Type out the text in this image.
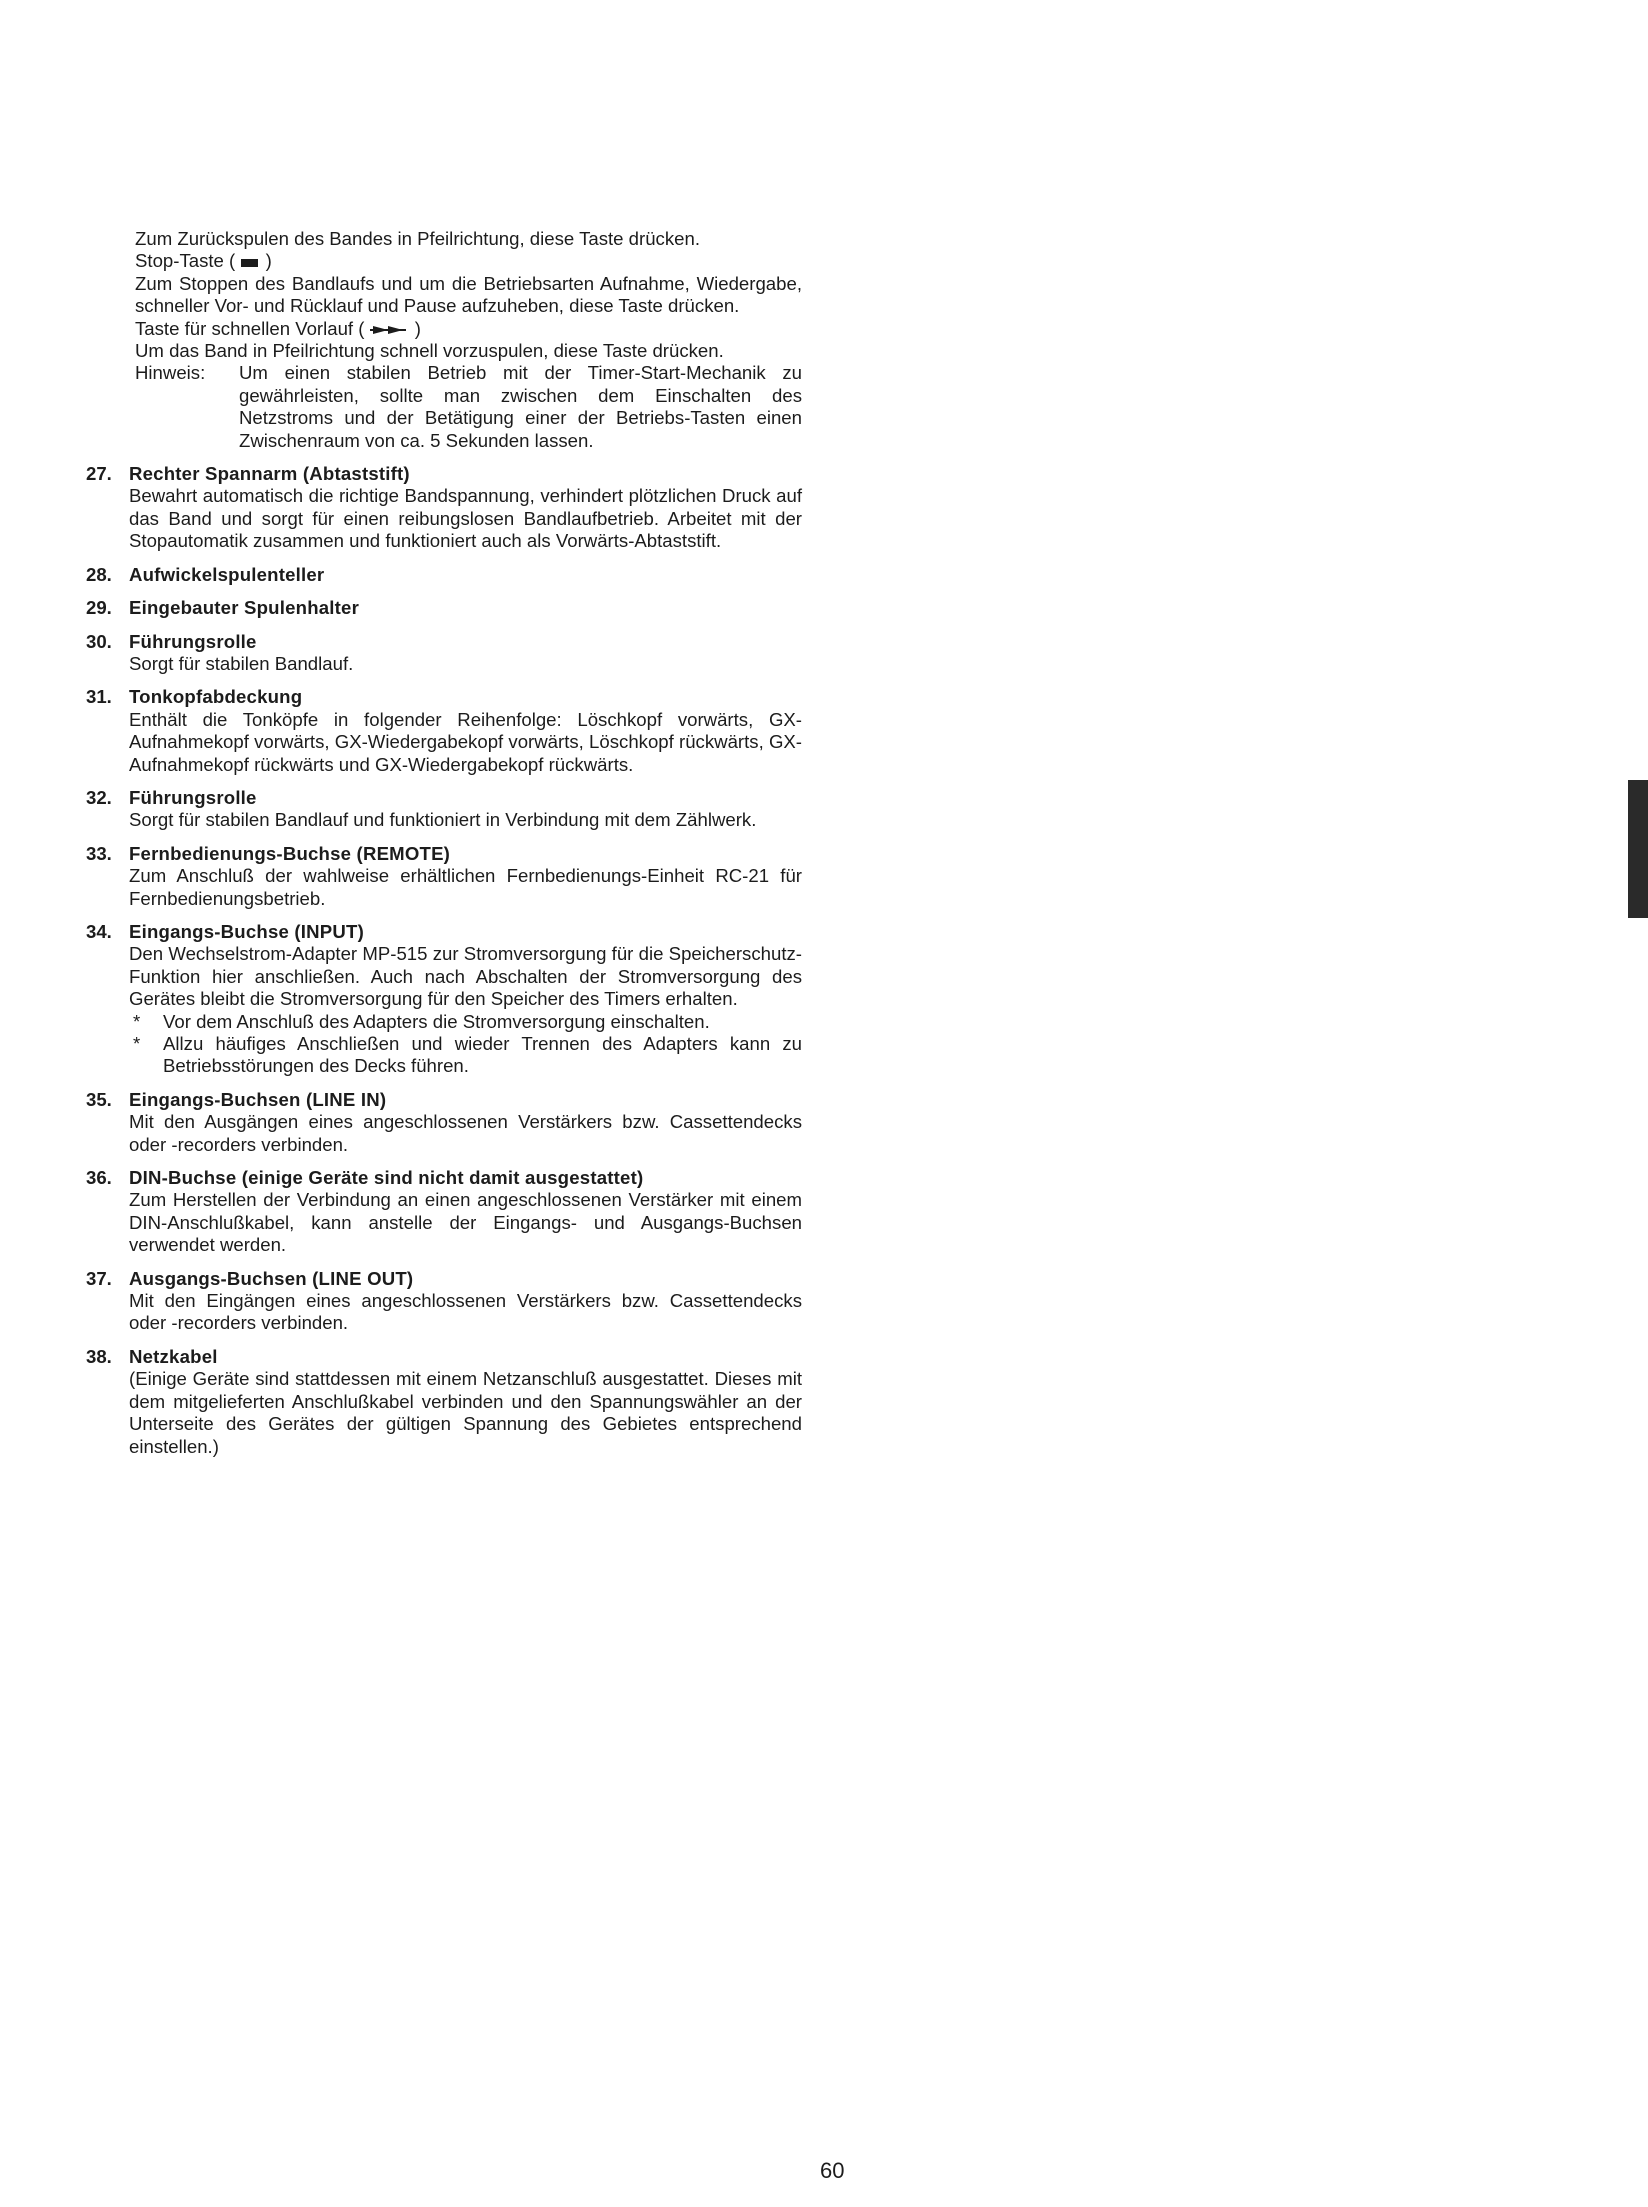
Zum Zurückspulen des Bandes in Pfeilrichtung, diese Taste drücken.
Stop-Taste ( )
Zum Stoppen des Bandlaufs und um die Betriebsarten Aufnahme, Wiedergabe, schneller Vor- und Rücklauf und Pause aufzuheben, diese Taste drücken.
Taste für schnellen Vorlauf (	)
Um das Band in Pfeilrichtung schnell vorzuspulen, diese Taste drücken.
Hinweis:	Um einen stabilen Betrieb mit der Timer-Start-Mechanik zu gewährleisten, sollte man zwischen dem Einschalten des Netzstroms und der Betätigung einer der Betriebs-Tasten einen Zwischenraum von ca. 5 Sekunden lassen.
27. Rechter Spannarm (Abtaststift)
Bewahrt automatisch die richtige Bandspannung, verhindert plötzlichen Druck auf das Band und sorgt für einen reibungslosen Bandlaufbetrieb. Arbeitet mit der Stopautomatik zusammen und funktioniert auch als Vorwärts-Abtaststift.
28. Aufwickelspulenteller
29. Eingebauter Spulenhalter
30. Führungsrolle
Sorgt für stabilen Bandlauf.
31. Tonkopfabdeckung
Enthält die Tonköpfe in folgender Reihenfolge: Löschkopf vorwärts, GX-Aufnahmekopf vorwärts, GX-Wiedergabekopf vorwärts, Löschkopf rückwärts, GX-Aufnahmekopf rückwärts und GX-Wiedergabekopf rückwärts.
32. Führungsrolle
Sorgt für stabilen Bandlauf und funktioniert in Verbindung mit dem Zählwerk.
33. Fernbedienungs-Buchse (REMOTE)
Zum Anschluß der wahlweise erhältlichen Fernbedienungs-Einheit RC-21 für Fernbedienungsbetrieb.
34. Eingangs-Buchse (INPUT)
Den Wechselstrom-Adapter MP-515 zur Stromversorgung für die Speicherschutz-Funktion hier anschließen. Auch nach Abschalten der Stromversorgung des Gerätes bleibt die Stromversorgung für den Speicher des Timers erhalten.
*	Vor dem Anschluß des Adapters die Stromversorgung einschalten.
*	Allzu häufiges Anschließen und wieder Trennen des Adapters kann zu Betriebsstörungen des Decks führen.
35. Eingangs-Buchsen (LINE IN)
Mit den Ausgängen eines angeschlossenen Verstärkers bzw. Cassettendecks oder -recorders verbinden.
36. DIN-Buchse (einige Geräte sind nicht damit ausgestattet)
Zum Herstellen der Verbindung an einen angeschlossenen Verstärker mit einem DIN-Anschlußkabel, kann anstelle der Eingangs- und Ausgangs-Buchsen verwendet werden.
37. Ausgangs-Buchsen (LINE OUT)
Mit den Eingängen eines angeschlossenen Verstärkers bzw. Cassettendecks oder -recorders verbinden.
38. Netzkabel
(Einige Geräte sind stattdessen mit einem Netzanschluß ausgestattet. Dieses mit dem mitgelieferten Anschlußkabel verbinden und den Spannungswähler an der Unterseite des Gerätes der gültigen Spannung des Gebietes entsprechend einstellen.)
60
